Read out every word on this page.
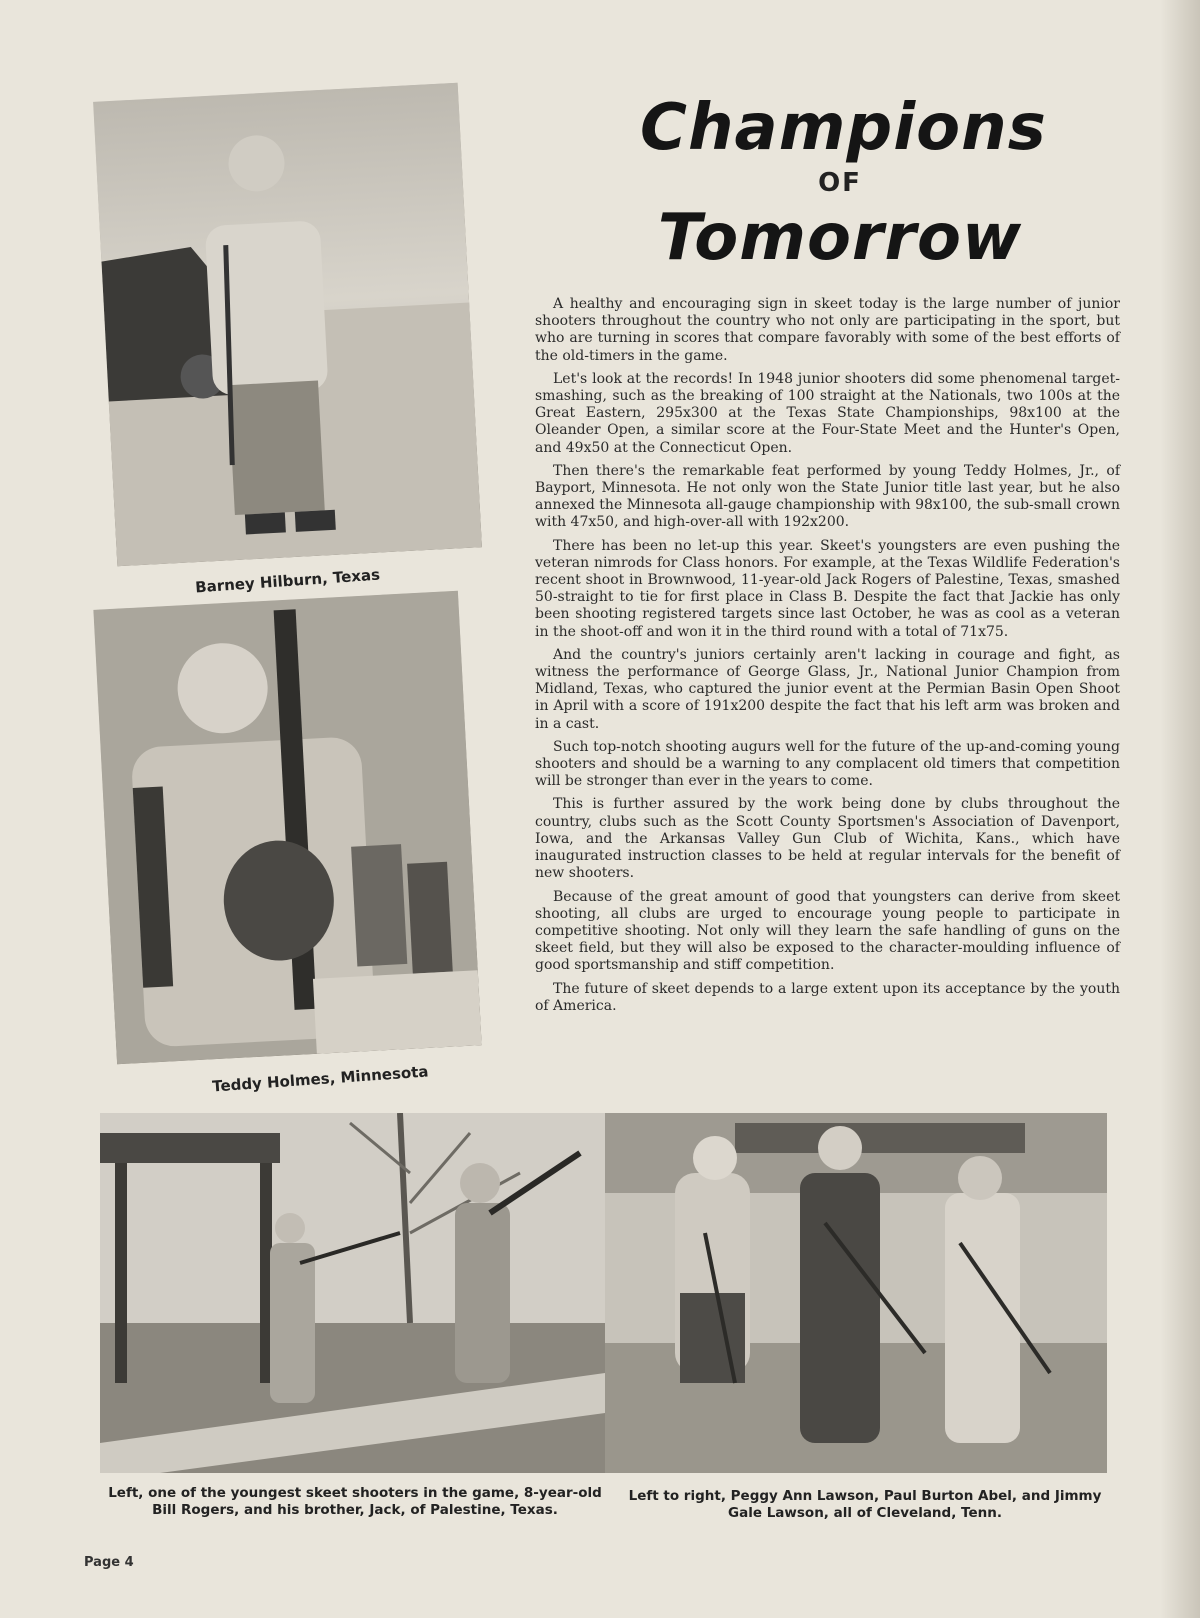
Barney Hilburn, Texas
Teddy Holmes, Minnesota
Champions
OF
Tomorrow

A healthy and encouraging sign in skeet today is the large number of junior shooters throughout the country who not only are participating in the sport, but who are turning in scores that compare favorably with some of the best efforts of the old-timers in the game.

Let's look at the records! In 1948 junior shooters did some phenomenal target-smashing, such as the breaking of 100 straight at the Nationals, two 100s at the Great Eastern, 295x300 at the Texas State Championships, 98x100 at the Oleander Open, a similar score at the Four-State Meet and the Hunter's Open, and 49x50 at the Connecticut Open.

Then there's the remarkable feat performed by young Teddy Holmes, Jr., of Bayport, Minnesota. He not only won the State Junior title last year, but he also annexed the Minnesota all-gauge championship with 98x100, the sub-small crown with 47x50, and high-over-all with 192x200.

There has been no let-up this year. Skeet's youngsters are even pushing the veteran nimrods for Class honors. For example, at the Texas Wildlife Federation's recent shoot in Brownwood, 11-year-old Jack Rogers of Palestine, Texas, smashed 50-straight to tie for first place in Class B. Despite the fact that Jackie has only been shooting registered targets since last October, he was as cool as a veteran in the shoot-off and won it in the third round with a total of 71x75.

And the country's juniors certainly aren't lacking in courage and fight, as witness the performance of George Glass, Jr., National Junior Champion from Midland, Texas, who captured the junior event at the Permian Basin Open Shoot in April with a score of 191x200 despite the fact that his left arm was broken and in a cast.

Such top-notch shooting augurs well for the future of the up-and-coming young shooters and should be a warning to any complacent old timers that competition will be stronger than ever in the years to come.

This is further assured by the work being done by clubs throughout the country, clubs such as the Scott County Sportsmen's Association of Davenport, Iowa, and the Arkansas Valley Gun Club of Wichita, Kans., which have inaugurated instruction classes to be held at regular intervals for the benefit of new shooters.

Because of the great amount of good that youngsters can derive from skeet shooting, all clubs are urged to encourage young people to participate in competitive shooting. Not only will they learn the safe handling of guns on the skeet field, but they will also be exposed to the character-moulding influence of good sportsmanship and stiff competition.

The future of skeet depends to a large extent upon its acceptance by the youth of America.

Left, one of the youngest skeet shooters in the game, 8-year-old Bill Rogers, and his brother, Jack, of Palestine, Texas.
Left to right, Peggy Ann Lawson, Paul Burton Abel, and Jimmy Gale Lawson, all of Cleveland, Tenn.
Page 4
